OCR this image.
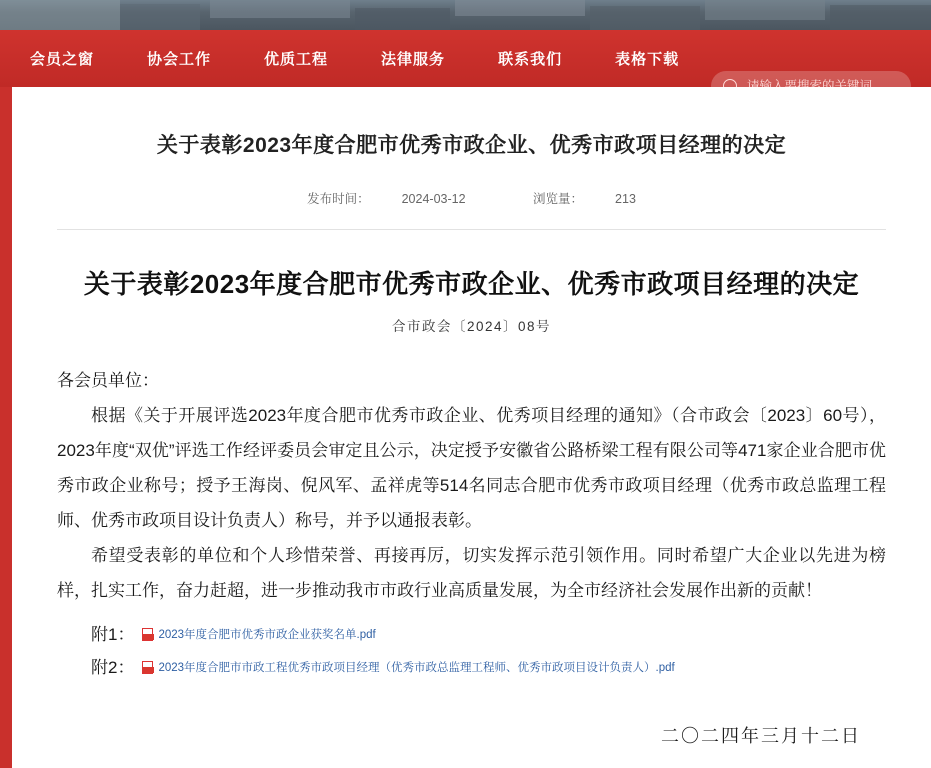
会员之窗	协会工作	优质工程	法律服务	联系我们	表格下载
请输入要搜索的关键词
关于表彰2023年度合肥市优秀市政企业、优秀市政项目经理的决定
发布时间：	2024-03-12	浏览量：	213
关于表彰2023年度合肥市优秀市政企业、优秀市政项目经理的决定
合市政会〔2024〕08号

各会员单位：

根据《关于开展评选2023年度合肥市优秀市政企业、优秀项目经理的通知》（合市政会〔2023〕60号），2023年度“双优”评选工作经评委员会审定且公示，决定授予安徽省公路桥梁工程有限公司等471家企业合肥市优秀市政企业称号；授予王海岗、倪风军、孟祥虎等514名同志合肥市优秀市政项目经理（优秀市政总监理工程师、优秀市政项目设计负责人）称号，并予以通报表彰。

希望受表彰的单位和个人珍惜荣誉、再接再厉，切实发挥示范引领作用。同时希望广大企业以先进为榜样，扎实工作，奋力赶超，进一步推动我市市政行业高质量发展，为全市经济社会发展作出新的贡献！

附1： 2023年度合肥市优秀市政企业获奖名单.pdf
附2： 2023年度合肥市市政工程优秀市政项目经理（优秀市政总监理工程师、优秀市政项目设计负责人）.pdf
二〇二四年三月十二日
